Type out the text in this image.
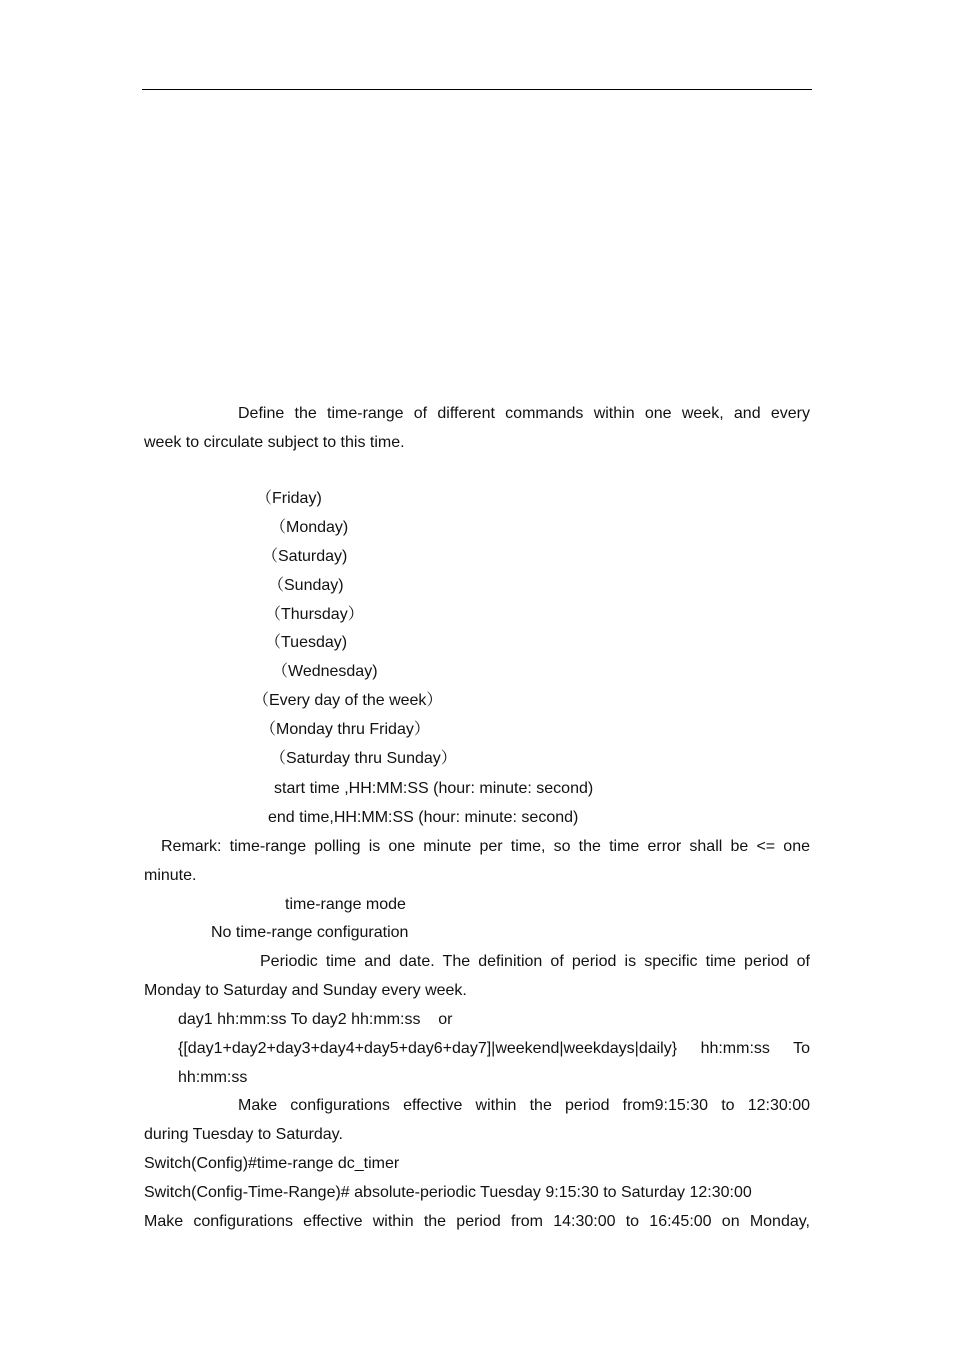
Define the time-range of different commands within one week, and every
week to circulate subject to this time.
（Friday)
（Monday)
（Saturday)
（Sunday)
（Thursday）
（Tuesday)
（Wednesday)
（Every day of the week）
（Monday thru Friday）
（Saturday thru Sunday）
start time ,HH:MM:SS (hour: minute: second)
end time,HH:MM:SS (hour: minute: second)
Remark: time-range polling is one minute per time, so the time error shall be <= one
minute.
time-range mode
No time-range configuration
Periodic time and date. The definition of period is specific time period of
Monday to Saturday and Sunday every week.
day1 hh:mm:ss To day2 hh:mm:ss    or
{[day1+day2+day3+day4+day5+day6+day7]|weekend|weekdays|daily} hh:mm:ss To
hh:mm:ss
Make configurations effective within the period from9:15:30 to 12:30:00
during Tuesday to Saturday.
Switch(Config)#time-range dc_timer
Switch(Config-Time-Range)# absolute-periodic Tuesday 9:15:30 to Saturday 12:30:00
Make configurations effective within the period from 14:30:00 to 16:45:00 on Monday,
